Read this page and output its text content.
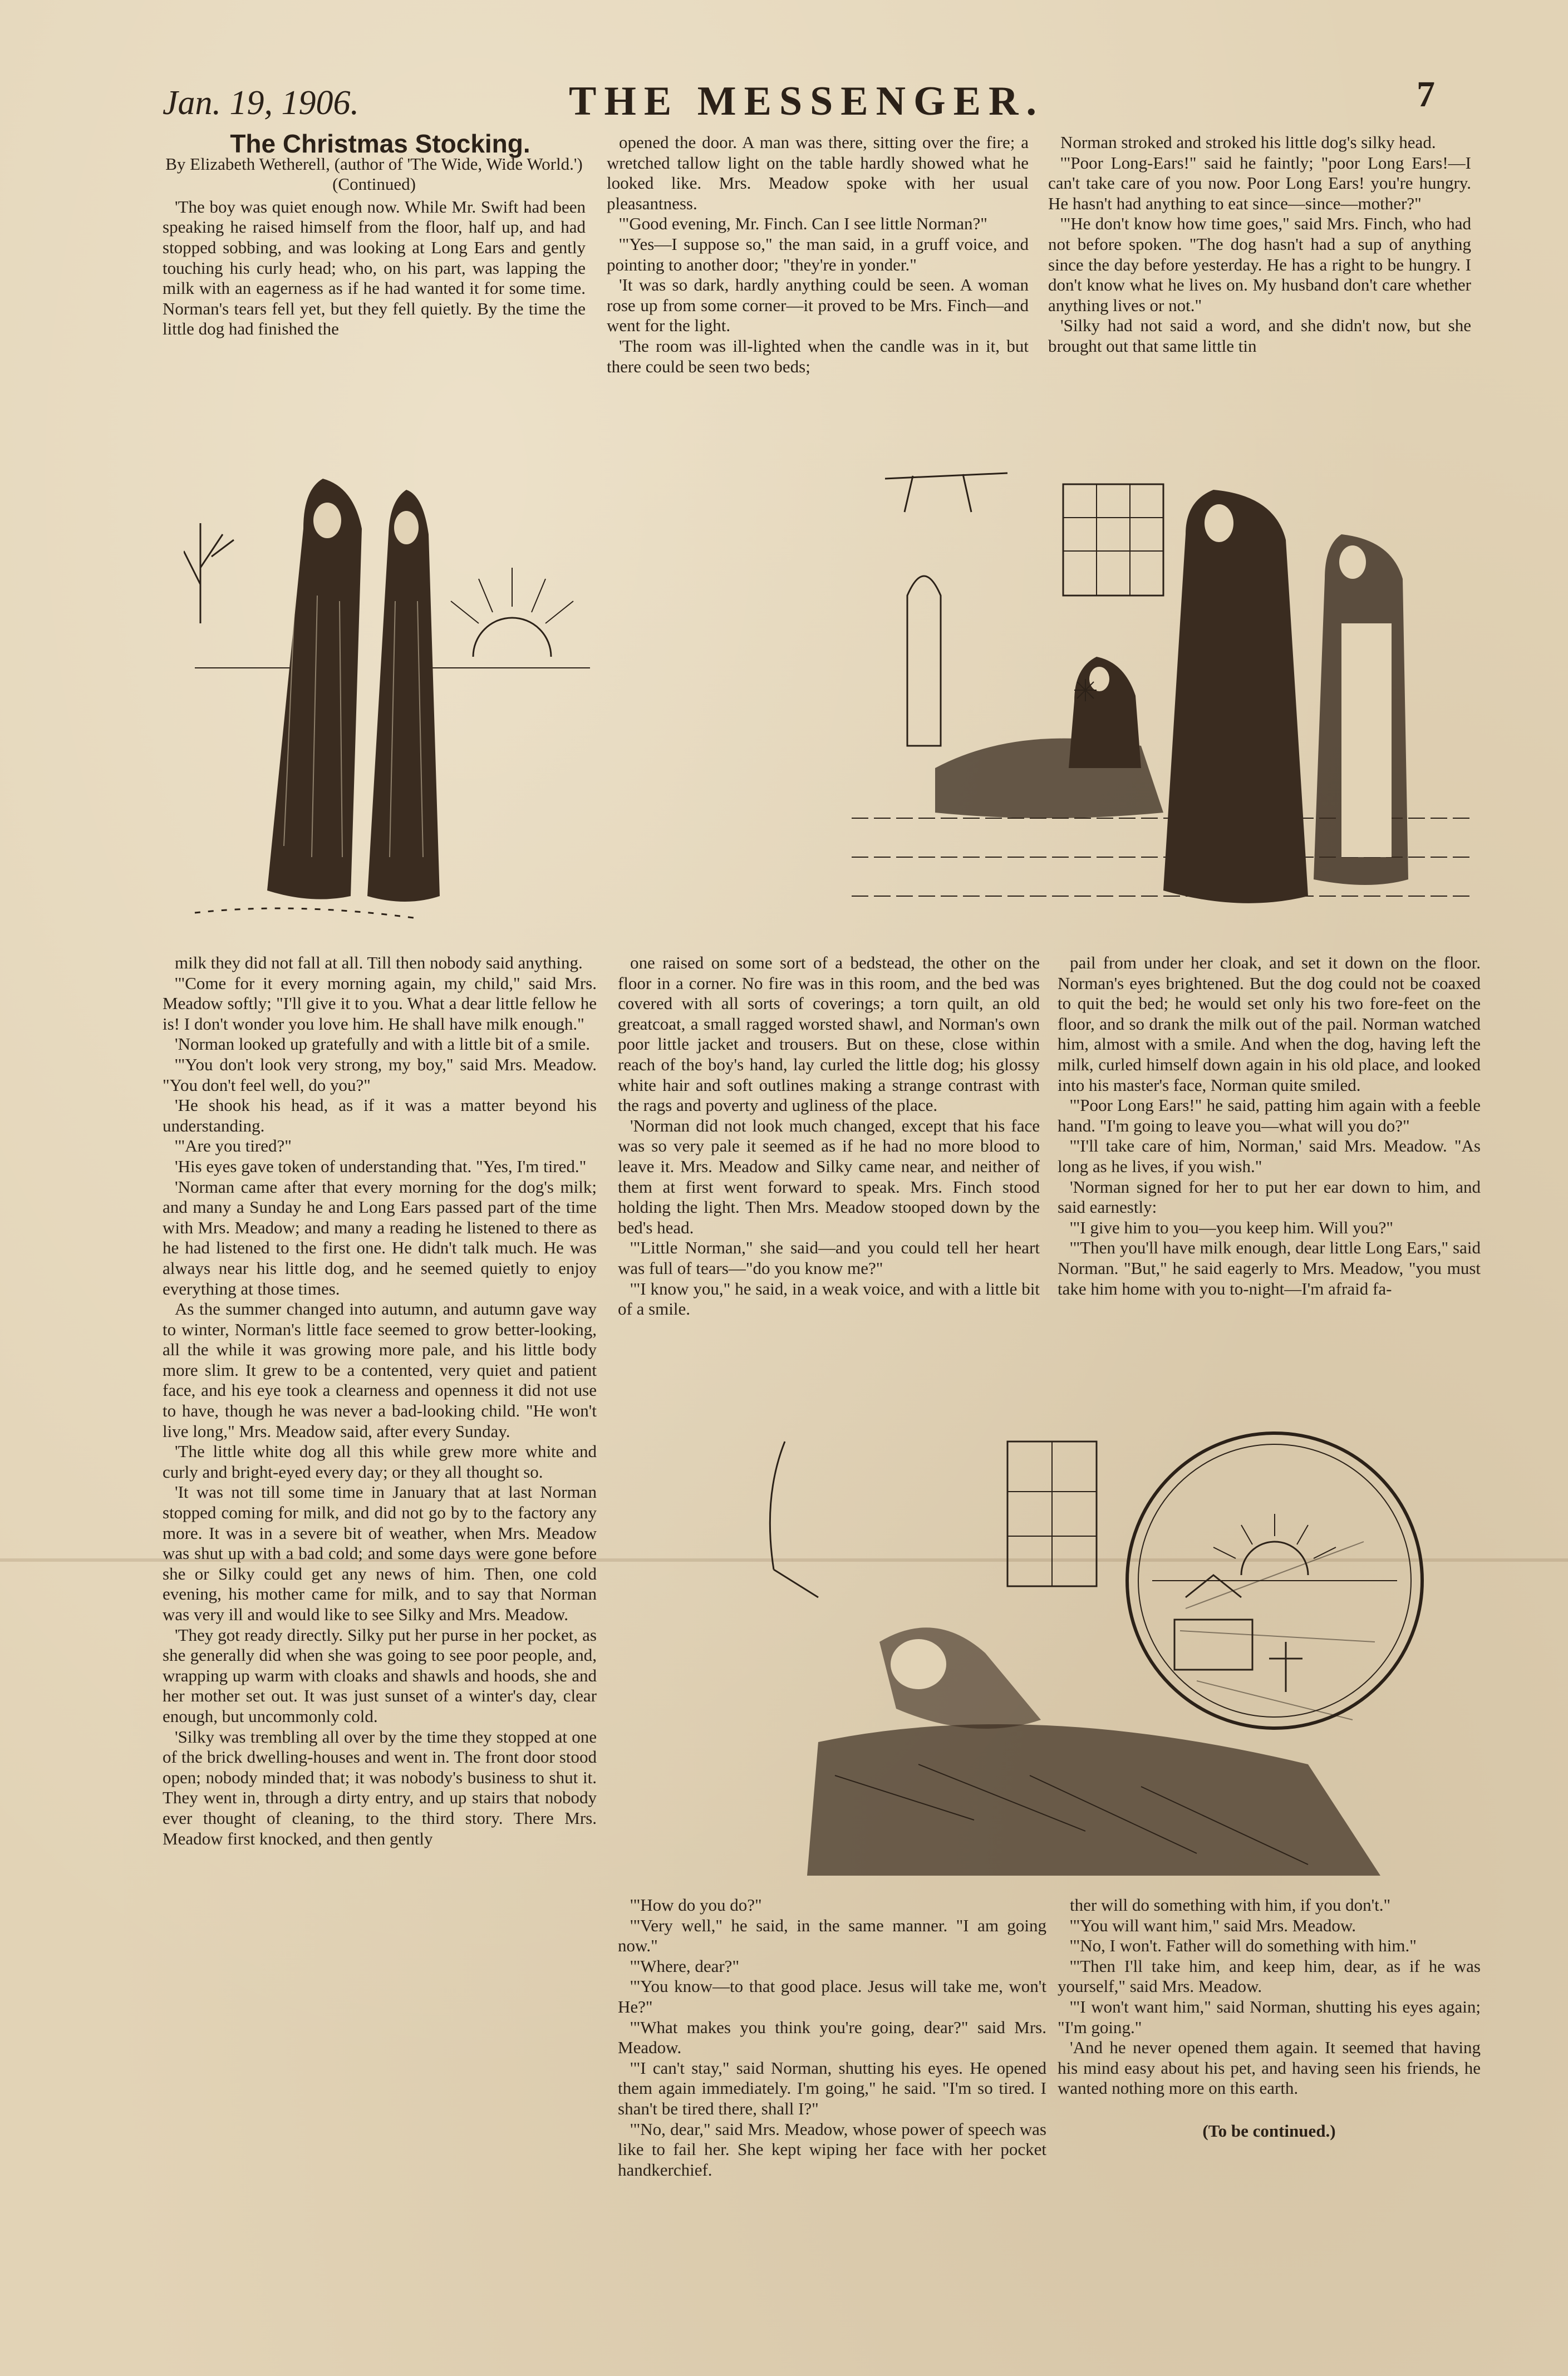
Jan. 19, 1906.	THE MESSENGER.	7

The Christmas Stocking.

By Elizabeth Wetherell, (author of 'The Wide, Wide World.')

(Continued)

'The boy was quiet enough now. While Mr. Swift had been speaking he raised himself from the floor, half up, and had stopped sobbing, and was looking at Long Ears and gently touching his curly head; who, on his part, was lapping the milk with an eagerness as if he had wanted it for some time. Norman's tears fell yet, but they fell quietly. By the time the little dog had finished the

opened the door. A man was there, sitting over the fire; a wretched tallow light on the table hardly showed what he looked like. Mrs. Meadow spoke with her usual pleasantness.

'"Good evening, Mr. Finch. Can I see little Norman?"

'"Yes—I suppose so," the man said, in a gruff voice, and pointing to another door; "they're in yonder."

'It was so dark, hardly anything could be seen. A woman rose up from some corner—it proved to be Mrs. Finch—and went for the light.

'The room was ill-lighted when the candle was in it, but there could be seen two beds;

Norman stroked and stroked his little dog's silky head.

'"Poor Long-Ears!" said he faintly; "poor Long Ears!—I can't take care of you now. Poor Long Ears! you're hungry. He hasn't had anything to eat since—since—mother?"

'"He don't know how time goes," said Mrs. Finch, who had not before spoken. "The dog hasn't had a sup of anything since the day before yesterday. He has a right to be hungry. I don't know what he lives on. My husband don't care whether anything lives or not."

'Silky had not said a word, and she didn't now, but she brought out that same little tin

milk they did not fall at all. Till then nobody said anything.

'"Come for it every morning again, my child," said Mrs. Meadow softly; "I'll give it to you. What a dear little fellow he is! I don't wonder you love him. He shall have milk enough."

'Norman looked up gratefully and with a little bit of a smile.

'"You don't look very strong, my boy," said Mrs. Meadow. "You don't feel well, do you?"

'He shook his head, as if it was a matter beyond his understanding.

'"Are you tired?"

'His eyes gave token of understanding that. "Yes, I'm tired."

'Norman came after that every morning for the dog's milk; and many a Sunday he and Long Ears passed part of the time with Mrs. Meadow; and many a reading he listened to there as he had listened to the first one. He didn't talk much. He was always near his little dog, and he seemed quietly to enjoy everything at those times.

As the summer changed into autumn, and autumn gave way to winter, Norman's little face seemed to grow better-looking, all the while it was growing more pale, and his little body more slim. It grew to be a contented, very quiet and patient face, and his eye took a clearness and openness it did not use to have, though he was never a bad-looking child. "He won't live long," Mrs. Meadow said, after every Sunday.

'The little white dog all this while grew more white and curly and bright-eyed every day; or they all thought so.

'It was not till some time in January that at last Norman stopped coming for milk, and did not go by to the factory any more. It was in a severe bit of weather, when Mrs. Meadow was shut up with a bad cold; and some days were gone before she or Silky could get any news of him. Then, one cold evening, his mother came for milk, and to say that Norman was very ill and would like to see Silky and Mrs. Meadow.

'They got ready directly. Silky put her purse in her pocket, as she generally did when she was going to see poor people, and, wrapping up warm with cloaks and shawls and hoods, she and her mother set out. It was just sunset of a winter's day, clear enough, but uncommonly cold.

'Silky was trembling all over by the time they stopped at one of the brick dwelling-houses and went in. The front door stood open; nobody minded that; it was nobody's business to shut it. They went in, through a dirty entry, and up stairs that nobody ever thought of cleaning, to the third story. There Mrs. Meadow first knocked, and then gently

one raised on some sort of a bedstead, the other on the floor in a corner. No fire was in this room, and the bed was covered with all sorts of coverings; a torn quilt, an old greatcoat, a small ragged worsted shawl, and Norman's own poor little jacket and trousers. But on these, close within reach of the boy's hand, lay curled the little dog; his glossy white hair and soft outlines making a strange contrast with the rags and poverty and ugliness of the place.

'Norman did not look much changed, except that his face was so very pale it seemed as if he had no more blood to leave it. Mrs. Meadow and Silky came near, and neither of them at first went forward to speak. Mrs. Finch stood holding the light. Then Mrs. Meadow stooped down by the bed's head.

'"Little Norman," she said—and you could tell her heart was full of tears—"do you know me?"

'"I know you," he said, in a weak voice, and with a little bit of a smile.

pail from under her cloak, and set it down on the floor. Norman's eyes brightened. But the dog could not be coaxed to quit the bed; he would set only his two fore-feet on the floor, and so drank the milk out of the pail. Norman watched him, almost with a smile. And when the dog, having left the milk, curled himself down again in his old place, and looked into his master's face, Norman quite smiled.

'"Poor Long Ears!" he said, patting him again with a feeble hand. "I'm going to leave you—what will you do?"

'"I'll take care of him, Norman,' said Mrs. Meadow. "As long as he lives, if you wish."

'Norman signed for her to put her ear down to him, and said earnestly:

'"I give him to you—you keep him. Will you?"

'"Then you'll have milk enough, dear little Long Ears," said Norman. "But," he said eagerly to Mrs. Meadow, "you must take him home with you to-night—I'm afraid fa-

'"How do you do?"

'"Very well," he said, in the same manner. "I am going now."

'"Where, dear?"

'"You know—to that good place. Jesus will take me, won't He?"

'"What makes you think you're going, dear?" said Mrs. Meadow.

'"I can't stay," said Norman, shutting his eyes. He opened them again immediately. I'm going," he said. "I'm so tired. I shan't be tired there, shall I?"

'"No, dear," said Mrs. Meadow, whose power of speech was like to fail her. She kept wiping her face with her pocket handkerchief.

ther will do something with him, if you don't."

'"You will want him," said Mrs. Meadow.

'"No, I won't. Father will do something with him."

'"Then I'll take him, and keep him, dear, as if he was yourself," said Mrs. Meadow.

'"I won't want him," said Norman, shutting his eyes again; "I'm going."

'And he never opened them again. It seemed that having his mind easy about his pet, and having seen his friends, he wanted nothing more on this earth.

(To be continued.)
